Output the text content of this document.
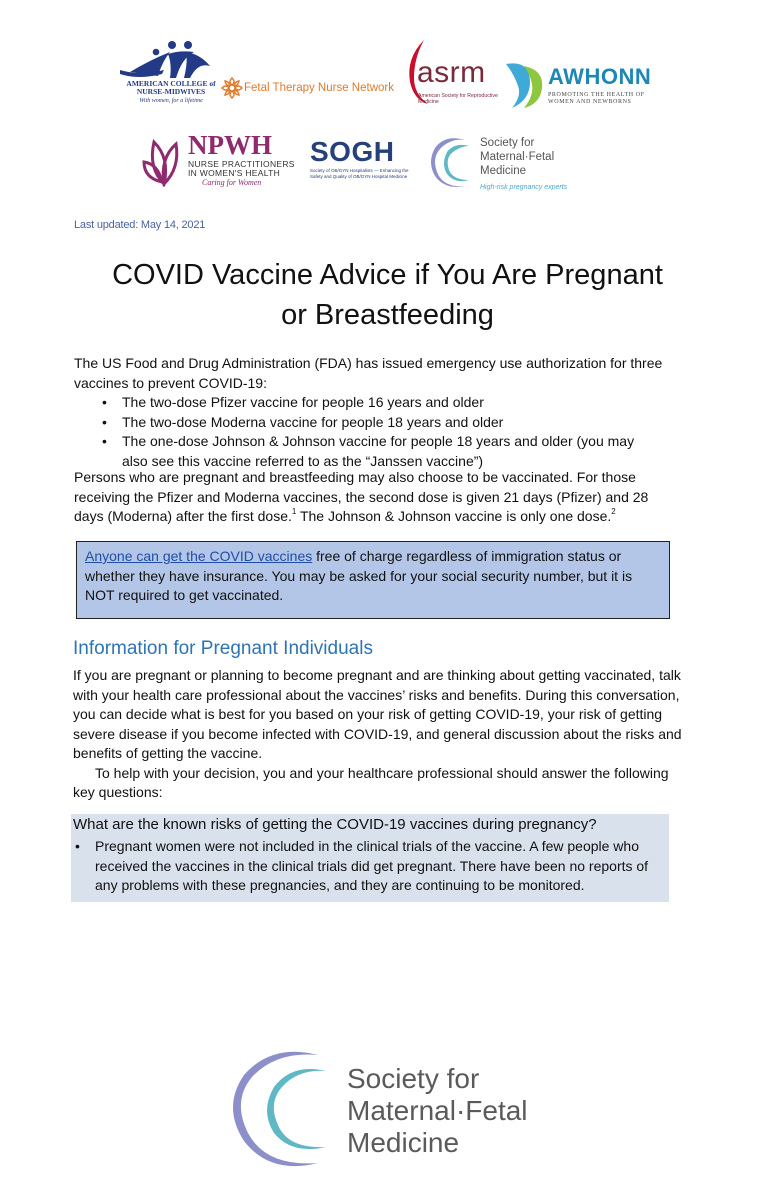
AMERICAN COLLEGE of NURSE-MIDWIVES
With women, for a lifetime
Fetal Therapy Nurse Network asrm
American Society for Reproductive Medicine
AWHONN
PROMOTING THE HEALTH OF WOMEN AND NEWBORNS
NPWH
NURSE PRACTITIONERS IN WOMEN'S HEALTH
Caring for Women
SOGH
Society of OB/GYN Hospitalists — Enhancing the Safety and Quality of OB/GYN Hospital Medicine
Society for
Maternal·Fetal
Medicine
High-risk pregnancy experts
Last updated: May 14, 2021
COVID Vaccine Advice if You Are Pregnant
or Breastfeeding
The US Food and Drug Administration (FDA) has issued emergency use authorization for three vaccines to prevent COVID-19:
• The two-dose Pfizer vaccine for people 16 years and older
• The two-dose Moderna vaccine for people 18 years and older
• The one-dose Johnson & Johnson vaccine for people 18 years and older (you may also see this vaccine referred to as the “Janssen vaccine”)
Persons who are pregnant and breastfeeding may also choose to be vaccinated. For those receiving the Pfizer and Moderna vaccines, the second dose is given 21 days (Pfizer) and 28 days (Moderna) after the first dose.$^1$ The Johnson & Johnson vaccine is only one dose.$^2$
Anyone can get the COVID vaccines free of charge regardless of immigration status or whether they have insurance. You may be asked for your social security number, but it is NOT required to get vaccinated.
Information for Pregnant Individuals
If you are pregnant or planning to become pregnant and are thinking about getting vaccinated, talk with your health care professional about the vaccines’ risks and benefits. During this conversation, you can decide what is best for you based on your risk of getting COVID-19, your risk of getting severe disease if you become infected with COVID-19, and general discussion about the risks and benefits of getting the vaccine.
To help with your decision, you and your healthcare professional should answer the following key questions:
What are the known risks of getting the COVID-19 vaccines during pregnancy?
• Pregnant women were not included in the clinical trials of the vaccine. A few people who received the vaccines in the clinical trials did get pregnant. There have been no reports of any problems with these pregnancies, and they are continuing to be monitored.
Society for
Maternal·Fetal
Medicine
